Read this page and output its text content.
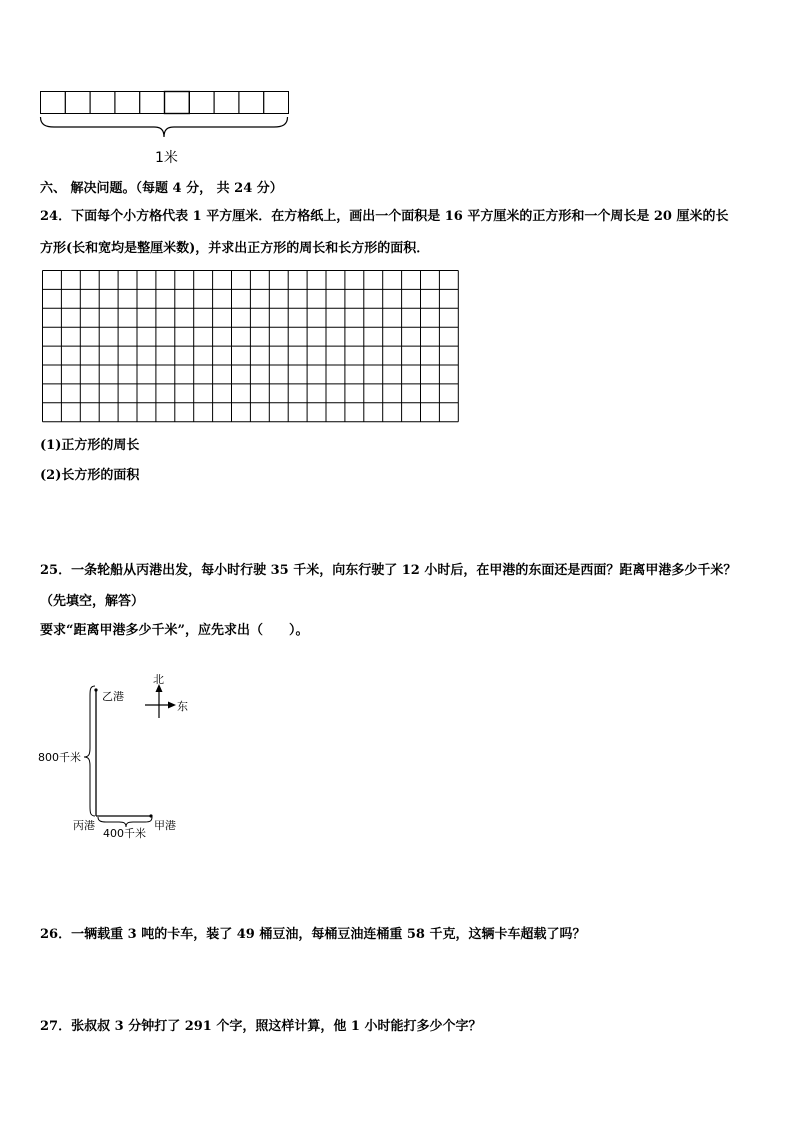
1米
六、 解决问题。（每题 4 分， 共 24 分）
24．下面每个小方格代表 1 平方厘米．在方格纸上，画出一个面积是 16 平方厘米的正方形和一个周长是 20 厘米的长
方形(长和宽均是整厘米数)，并求出正方形的周长和长方形的面积．
(1)正方形的周长
(2)长方形的面积
25．一条轮船从丙港出发，每小时行驶 35 千米，向东行驶了 12 小时后，在甲港的东面还是西面？距离甲港多少千米？
（先填空，解答）
要求“距离甲港多少千米”，应先求出（　　）。
北
东
乙港
800千米
丙港	甲港
400千米
26．一辆载重 3 吨的卡车，装了 49 桶豆油，每桶豆油连桶重 58 千克，这辆卡车超载了吗？
27．张叔叔 3 分钟打了 291 个字，照这样计算，他 1 小时能打多少个字？
